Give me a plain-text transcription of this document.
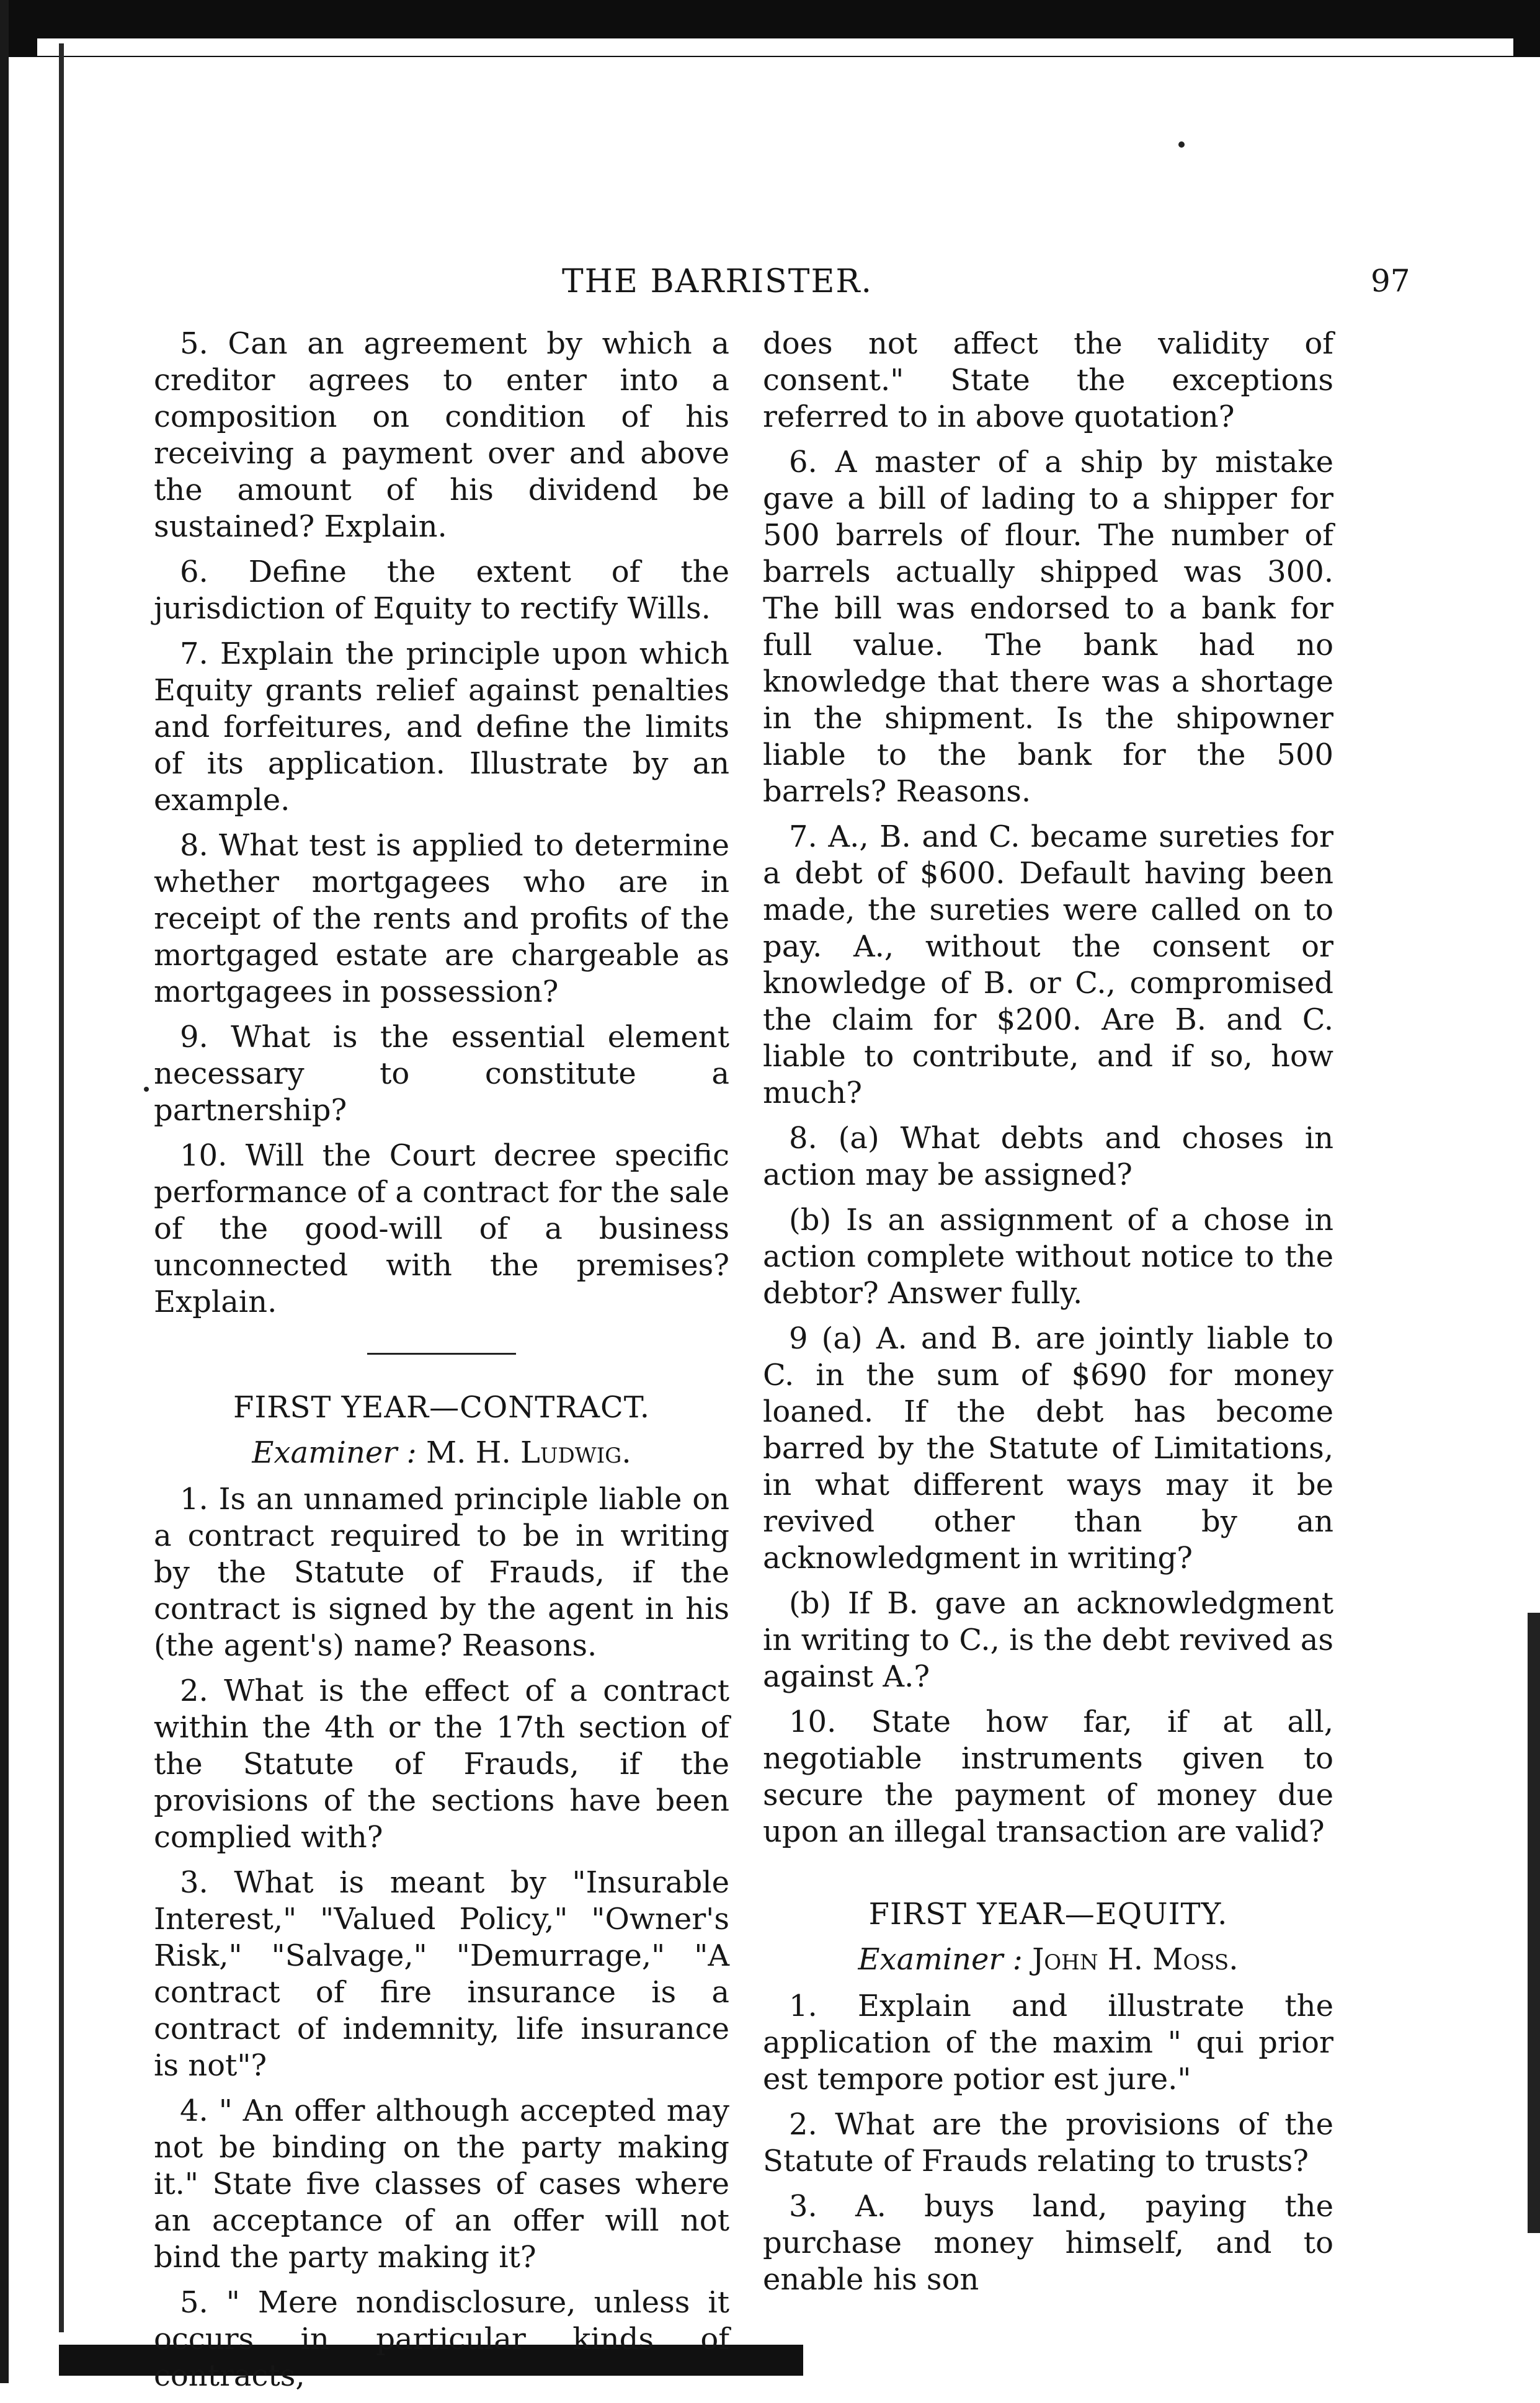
THE BARRISTER.	97

5. Can an agreement by which a creditor agrees to enter into a composition on condition of his receiving a payment over and above the amount of his dividend be sustained? Explain.

6. Define the extent of the jurisdiction of Equity to rectify Wills.

7. Explain the principle upon which Equity grants relief against penalties and forfeitures, and define the limits of its application. Illustrate by an example.

8. What test is applied to determine whether mortgagees who are in receipt of the rents and profits of the mortgaged estate are chargeable as mortgagees in possession?

9. What is the essential element necessary to constitute a partnership?

10. Will the Court decree specific performance of a contract for the sale of the good-will of a business unconnected with the premises? Explain.

FIRST YEAR—CONTRACT.

Examiner : M. H. Ludwig.

1. Is an unnamed principle liable on a contract required to be in writing by the Statute of Frauds, if the contract is signed by the agent in his (the agent's) name? Reasons.

2. What is the effect of a contract within the 4th or the 17th section of the Statute of Frauds, if the provisions of the sections have been complied with?

3. What is meant by "Insurable Interest," "Valued Policy," "Owner's Risk," "Salvage," "Demurrage," "A contract of fire insurance is a contract of indemnity, life insurance is not"?

4. " An offer although accepted may not be binding on the party making it." State five classes of cases where an acceptance of an offer will not bind the party making it?

5. " Mere nondisclosure, unless it occurs in particular kinds of contracts,

does not affect the validity of consent." State the exceptions referred to in above quotation?

6. A master of a ship by mistake gave a bill of lading to a shipper for 500 barrels of flour. The number of barrels actually shipped was 300. The bill was endorsed to a bank for full value. The bank had no knowledge that there was a shortage in the shipment. Is the shipowner liable to the bank for the 500 barrels? Reasons.

7. A., B. and C. became sureties for a debt of $600. Default having been made, the sureties were called on to pay. A., without the consent or knowledge of B. or C., compromised the claim for $200. Are B. and C. liable to contribute, and if so, how much?

8. (a) What debts and choses in action may be assigned?

(b) Is an assignment of a chose in action complete without notice to the debtor? Answer fully.

9 (a) A. and B. are jointly liable to C. in the sum of $690 for money loaned. If the debt has become barred by the Statute of Limitations, in what different ways may it be revived other than by an acknowledgment in writing?

(b) If B. gave an acknowledgment in writing to C., is the debt revived as against A.?

10. State how far, if at all, negotiable instruments given to secure the payment of money due upon an illegal transaction are valid?

FIRST YEAR—EQUITY.

Examiner : John H. Moss.

1. Explain and illustrate the application of the maxim " qui prior est tempore potior est jure."

2. What are the provisions of the Statute of Frauds relating to trusts?

3. A. buys land, paying the purchase money himself, and to enable his son
